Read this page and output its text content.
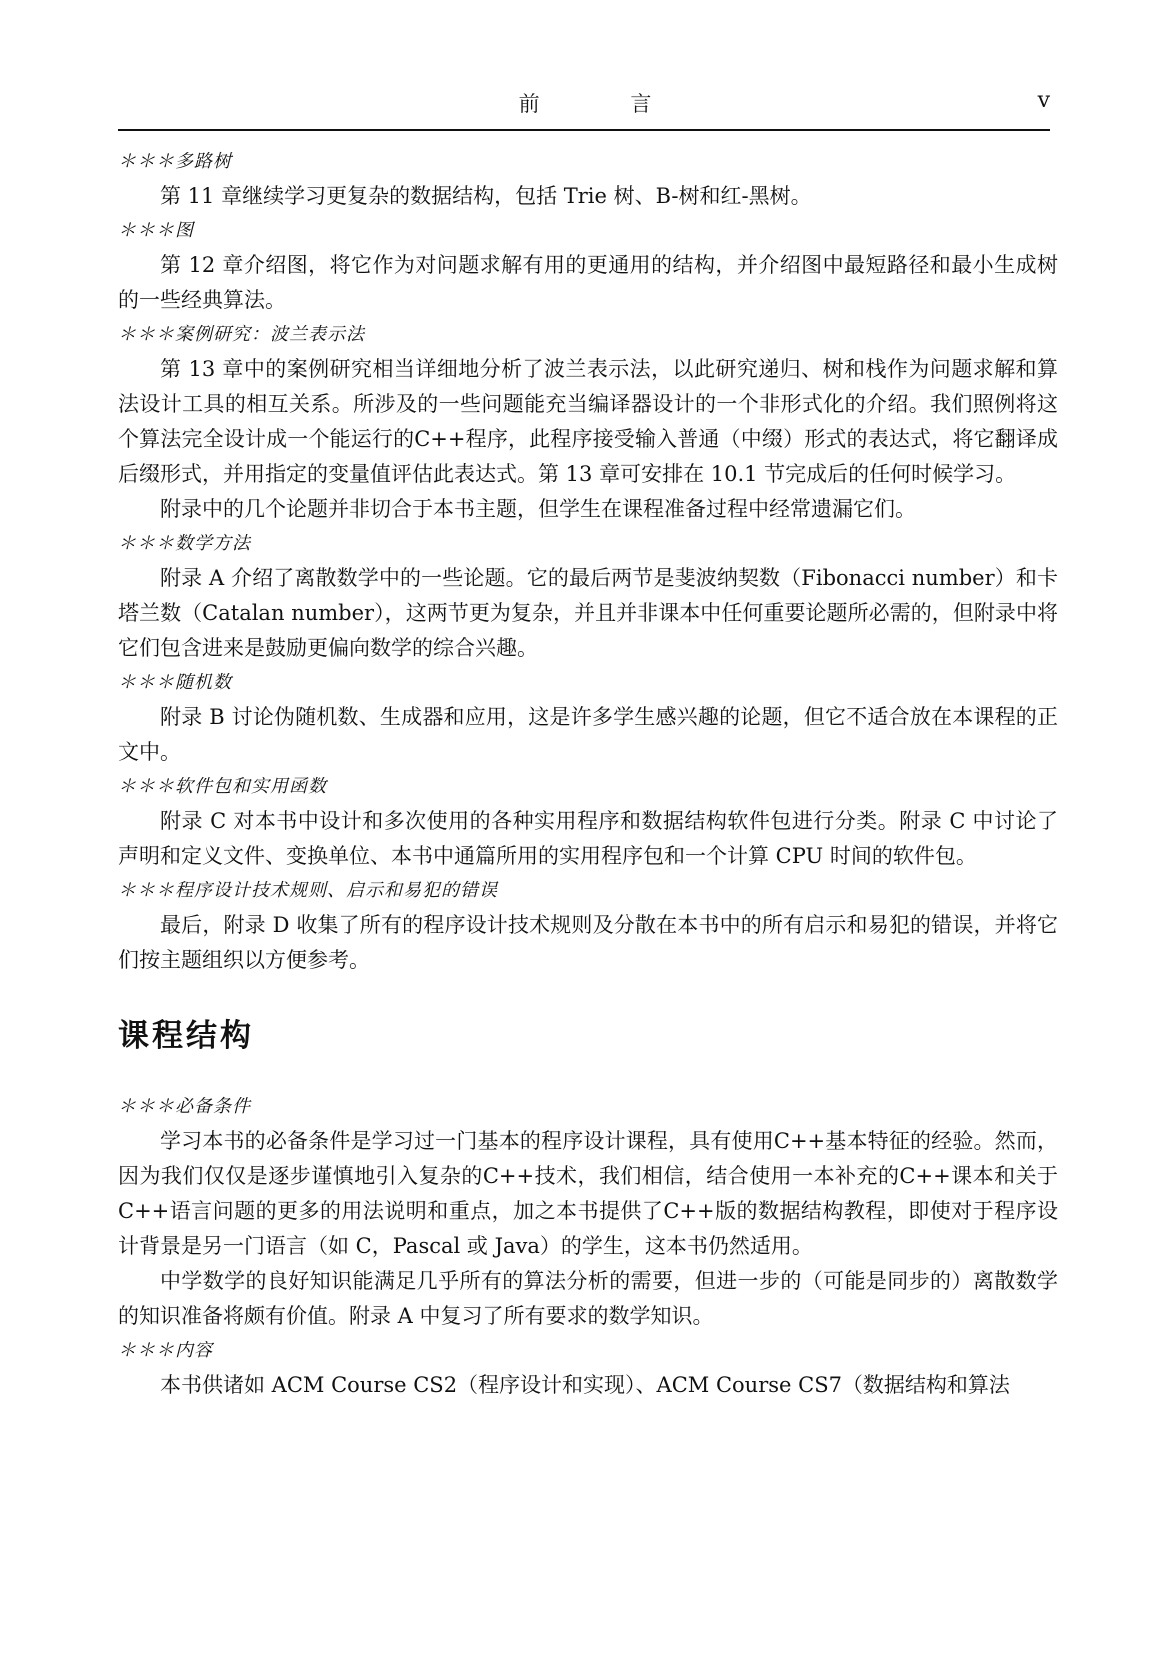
前 言	v
＊＊＊多路树

第 11 章继续学习更复杂的数据结构，包括 Trie 树、B-树和红-黑树。

＊＊＊图

第 12 章介绍图，将它作为对问题求解有用的更通用的结构，并介绍图中最短路径和最小生成树的一些经典算法。

＊＊＊案例研究：波兰表示法

第 13 章中的案例研究相当详细地分析了波兰表示法，以此研究递归、树和栈作为问题求解和算法设计工具的相互关系。所涉及的一些问题能充当编译器设计的一个非形式化的介绍。我们照例将这个算法完全设计成一个能运行的C++程序，此程序接受输入普通（中缀）形式的表达式，将它翻译成后缀形式，并用指定的变量值评估此表达式。第 13 章可安排在 10.1 节完成后的任何时候学习。

附录中的几个论题并非切合于本书主题，但学生在课程准备过程中经常遗漏它们。

＊＊＊数学方法

附录 A 介绍了离散数学中的一些论题。它的最后两节是斐波纳契数（Fibonacci number）和卡塔兰数（Catalan number），这两节更为复杂，并且并非课本中任何重要论题所必需的，但附录中将它们包含进来是鼓励更偏向数学的综合兴趣。

＊＊＊随机数

附录 B 讨论伪随机数、生成器和应用，这是许多学生感兴趣的论题，但它不适合放在本课程的正文中。

＊＊＊软件包和实用函数

附录 C 对本书中设计和多次使用的各种实用程序和数据结构软件包进行分类。附录 C 中讨论了声明和定义文件、变换单位、本书中通篇所用的实用程序包和一个计算 CPU 时间的软件包。

＊＊＊程序设计技术规则、启示和易犯的错误

最后，附录 D 收集了所有的程序设计技术规则及分散在本书中的所有启示和易犯的错误，并将它们按主题组织以方便参考。

课程结构
＊＊＊必备条件

学习本书的必备条件是学习过一门基本的程序设计课程，具有使用C++基本特征的经验。然而，因为我们仅仅是逐步谨慎地引入复杂的C++技术，我们相信，结合使用一本补充的C++课本和关于C++语言问题的更多的用法说明和重点，加之本书提供了C++版的数据结构教程，即使对于程序设计背景是另一门语言（如 C，Pascal 或 Java）的学生，这本书仍然适用。

中学数学的良好知识能满足几乎所有的算法分析的需要，但进一步的（可能是同步的）离散数学的知识准备将颇有价值。附录 A 中复习了所有要求的数学知识。

＊＊＊内容

本书供诸如 ACM Course CS2（程序设计和实现）、ACM Course CS7（数据结构和算法
